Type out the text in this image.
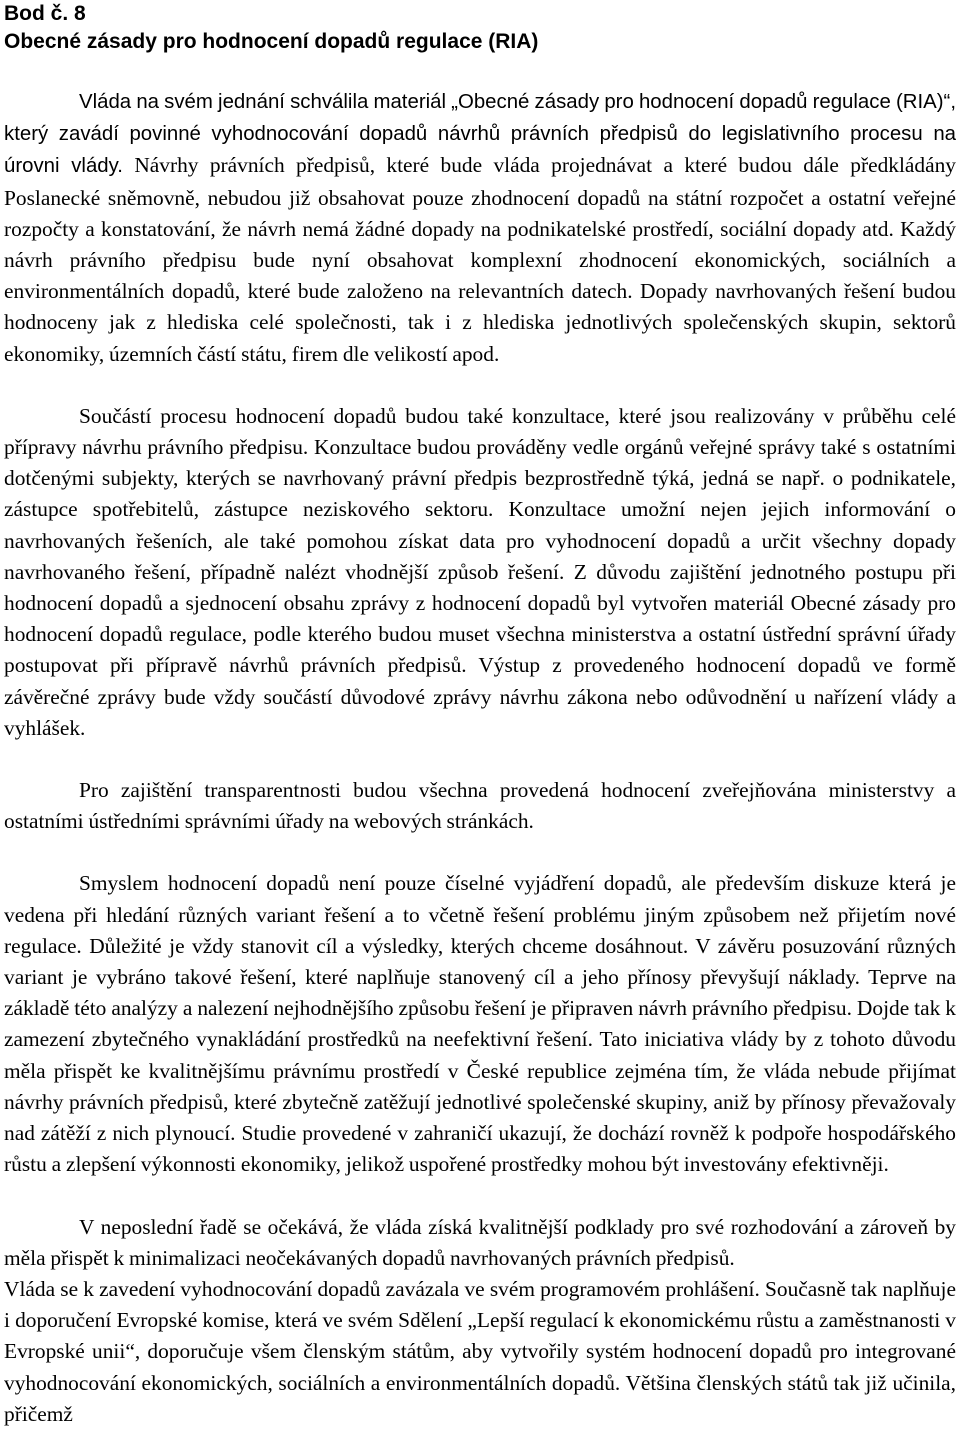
Bod č. 8

Obecné zásady pro hodnocení dopadů regulace (RIA)

Vláda na svém jednání schválila materiál „Obecné zásady pro hodnocení dopadů regulace (RIA)“, který zavádí povinné vyhodnocování dopadů návrhů právních předpisů do legislativního procesu na úrovni vlády. Návrhy právních předpisů, které bude vláda projednávat a které budou dále předkládány Poslanecké sněmovně, nebudou již obsahovat pouze zhodnocení dopadů na státní rozpočet a ostatní veřejné rozpočty a konstatování, že návrh nemá žádné dopady na podnikatelské prostředí, sociální dopady atd. Každý návrh právního předpisu bude nyní obsahovat komplexní zhodnocení ekonomických, sociálních a environmentálních dopadů, které bude založeno na relevantních datech. Dopady navrhovaných řešení budou hodnoceny jak z hlediska celé společnosti, tak i z hlediska jednotlivých společenských skupin, sektorů ekonomiky, územních částí státu, firem dle velikostí apod.

Součástí procesu hodnocení dopadů budou také konzultace, které jsou realizovány v průběhu celé přípravy návrhu právního předpisu. Konzultace budou prováděny vedle orgánů veřejné správy také s ostatními dotčenými subjekty, kterých se navrhovaný právní předpis bezprostředně týká, jedná se např. o podnikatele, zástupce spotřebitelů, zástupce neziskového sektoru. Konzultace umožní nejen jejich informování o navrhovaných řešeních, ale také pomohou získat data pro vyhodnocení dopadů a určit všechny dopady navrhovaného řešení, případně nalézt vhodnější způsob řešení. Z důvodu zajištění jednotného postupu při hodnocení dopadů a sjednocení obsahu zprávy z hodnocení dopadů byl vytvořen materiál Obecné zásady pro hodnocení dopadů regulace, podle kterého budou muset všechna ministerstva a ostatní ústřední správní úřady postupovat při přípravě návrhů právních předpisů. Výstup z provedeného hodnocení dopadů ve formě závěrečné zprávy bude vždy součástí důvodové zprávy návrhu zákona nebo odůvodnění u nařízení vlády a vyhlášek.

Pro zajištění transparentnosti budou všechna provedená hodnocení zveřejňována ministerstvy a ostatními ústředními správními úřady na webových stránkách.

Smyslem hodnocení dopadů není pouze číselné vyjádření dopadů, ale především diskuze která je vedena při hledání různých variant řešení a to včetně řešení problému jiným způsobem než přijetím nové regulace. Důležité je vždy stanovit cíl a výsledky, kterých chceme dosáhnout. V závěru posuzování různých variant je vybráno takové řešení, které naplňuje stanovený cíl a jeho přínosy převyšují náklady. Teprve na základě této analýzy a nalezení nejhodnějšího způsobu řešení je připraven návrh právního předpisu. Dojde tak k zamezení zbytečného vynakládání prostředků na neefektivní řešení. Tato iniciativa vlády by z tohoto důvodu měla přispět ke kvalitnějšímu právnímu prostředí v České republice zejména tím, že vláda nebude přijímat návrhy právních předpisů, které zbytečně zatěžují jednotlivé společenské skupiny, aniž by přínosy převažovaly nad zátěží z nich plynoucí. Studie provedené v zahraničí ukazují, že dochází rovněž k podpoře hospodářského růstu a zlepšení výkonnosti ekonomiky, jelikož uspořené prostředky mohou být investovány efektivněji.

V neposlední řadě se očekává, že vláda získá kvalitnější podklady pro své rozhodování a zároveň by měla přispět k minimalizaci neočekávaných dopadů navrhovaných právních předpisů.

Vláda se k zavedení vyhodnocování dopadů zavázala ve svém programovém prohlášení. Současně tak naplňuje i doporučení Evropské komise, která ve svém Sdělení „Lepší regulací k ekonomickému růstu a zaměstnanosti v Evropské unii“, doporučuje všem členským státům, aby vytvořily systém hodnocení dopadů pro integrované vyhodnocování ekonomických, sociálních a environmentálních dopadů. Většina členských států tak již učinila, přičemž
